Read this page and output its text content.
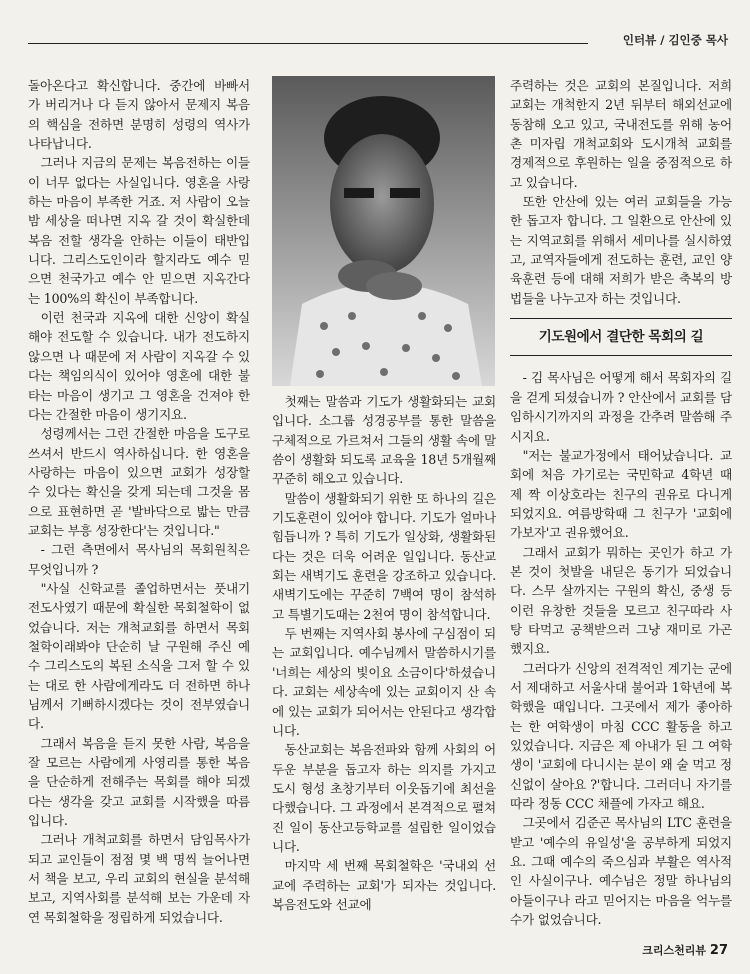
인터뷰 / 김인중 목사

돌아온다고 확신합니다. 중간에 바빠서 가 버리거나 다 듣지 않아서 문제지 복음의 핵심을 전하면 분명히 성령의 역사가 나타납니다.

그러나 지금의 문제는 복음전하는 이들이 너무 없다는 사실입니다. 영혼을 사랑하는 마음이 부족한 거죠. 저 사람이 오늘밤 세상을 떠나면 지옥 갈 것이 확실한데 복음 전할 생각을 안하는 이들이 태반입니다. 그리스도인이라 할지라도 예수 믿으면 천국가고 예수 안 믿으면 지옥간다는 100%의 확신이 부족합니다.

이런 천국과 지옥에 대한 신앙이 확실해야 전도할 수 있습니다. 내가 전도하지 않으면 나 때문에 저 사람이 지옥갈 수 있다는 책임의식이 있어야 영혼에 대한 불타는 마음이 생기고 그 영혼을 건져야 한다는 간절한 마음이 생기지요.

성령께서는 그런 간절한 마음을 도구로 쓰셔서 반드시 역사하십니다. 한 영혼을 사랑하는 마음이 있으면 교회가 성장할 수 있다는 확신을 갖게 되는데 그것을 몸으로 표현하면 곧 '발바닥으로 밟는 만큼 교회는 부흥 성장한다'는 것입니다."

- 그런 측면에서 목사님의 목회원칙은 무엇입니까 ?

"사실 신학교를 졸업하면서는 풋내기 전도사였기 때문에 확실한 목회철학이 없었습니다. 저는 개척교회를 하면서 목회철학이래봐야 단순히 날 구원해 주신 예수 그리스도의 복된 소식을 그저 할 수 있는 대로 한 사람에게라도 더 전하면 하나님께서 기뻐하시겠다는 것이 전부였습니다.

그래서 복음을 듣지 못한 사람, 복음을 잘 모르는 사람에게 사영리를 통한 복음을 단순하게 전해주는 목회를 해야 되겠다는 생각을 갖고 교회를 시작했을 따름입니다.

그러나 개척교회를 하면서 담임목사가 되고 교인들이 점점 몇 백 명씩 늘어나면서 책을 보고, 우리 교회의 현실을 분석해 보고, 지역사회를 분석해 보는 가운데 자연 목회철학을 정립하게 되었습니다.

첫째는 말씀과 기도가 생활화되는 교회입니다. 소그룹 성경공부를 통한 말씀을 구체적으로 가르쳐서 그들의 생활 속에 말씀이 생활화 되도록 교육을 18년 5개월째 꾸준히 해오고 있습니다.

말씀이 생활화되기 위한 또 하나의 길은 기도훈련이 있어야 합니다. 기도가 얼마나 힘듭니까 ? 특히 기도가 일상화, 생활화된다는 것은 더욱 어려운 일입니다. 동산교회는 새벽기도 훈련을 강조하고 있습니다. 새벽기도에는 꾸준히 7백여 명이 참석하고 특별기도때는 2천여 명이 참석합니다.

두 번째는 지역사회 봉사에 구심점이 되는 교회입니다. 예수님께서 말씀하시기를 '너희는 세상의 빛이요 소금이다'하셨습니다. 교회는 세상속에 있는 교회이지 산 속에 있는 교회가 되어서는 안된다고 생각합니다.

동산교회는 복음전파와 함께 사회의 어두운 부분을 돕고자 하는 의지를 가지고 도시 형성 초창기부터 이웃돕기에 최선을 다했습니다. 그 과정에서 본격적으로 펼쳐진 일이 동산고등학교를 설립한 일이었습니다.

마지막 세 번째 목회철학은 '국내외 선교에 주력하는 교회'가 되자는 것입니다. 복음전도와 선교에

주력하는 것은 교회의 본질입니다. 저희 교회는 개척한지 2년 뒤부터 해외선교에 동참해 오고 있고, 국내전도를 위해 농어촌 미자립 개척교회와 도시개척 교회를 경제적으로 후원하는 일을 중점적으로 하고 있습니다.

또한 안산에 있는 여러 교회들을 가능한 돕고자 합니다. 그 일환으로 안산에 있는 지역교회를 위해서 세미나를 실시하였고, 교역자들에게 전도하는 훈련, 교인 양육훈련 등에 대해 저희가 받은 축복의 방법들을 나누고자 하는 것입니다.

기도원에서 결단한 목회의 길

- 김 목사님은 어떻게 해서 목회자의 길을 걷게 되셨습니까 ? 안산에서 교회를 담임하시기까지의 과정을 간추려 말씀해 주시지요.

"저는 불교가정에서 태어났습니다. 교회에 처음 가기로는 국민학교 4학년 때 제 짝 이상호라는 친구의 권유로 다니게 되었지요. 여름방학때 그 친구가 '교회에 가보자'고 권유했어요.

그래서 교회가 뭐하는 곳인가 하고 가 본 것이 첫발을 내딛은 동기가 되었습니다. 스무 살까지는 구원의 확신, 중생 등 이런 유창한 것들을 모르고 친구따라 사탕 타먹고 공책받으러 그냥 재미로 가곤 했지요.

그러다가 신앙의 전격적인 계기는 군에서 제대하고 서울사대 불어과 1학년에 복학했을 때입니다. 그곳에서 제가 좋아하는 한 여학생이 마침 CCC 활동을 하고 있었습니다. 지금은 제 아내가 된 그 여학생이 '교회에 다니시는 분이 왜 술 먹고 정신없이 살아요 ?'합니다. 그러더니 자기를 따라 정동 CCC 채플에 가자고 해요.

그곳에서 김준곤 목사님의 LTC 훈련을 받고 '예수의 유일성'을 공부하게 되었지요. 그때 예수의 죽으심과 부활은 역사적인 사실이구나. 예수님은 정말 하나님의 아들이구나 라고 믿어지는 마음을 억누를 수가 없었습니다.

크리스천리뷰 27
